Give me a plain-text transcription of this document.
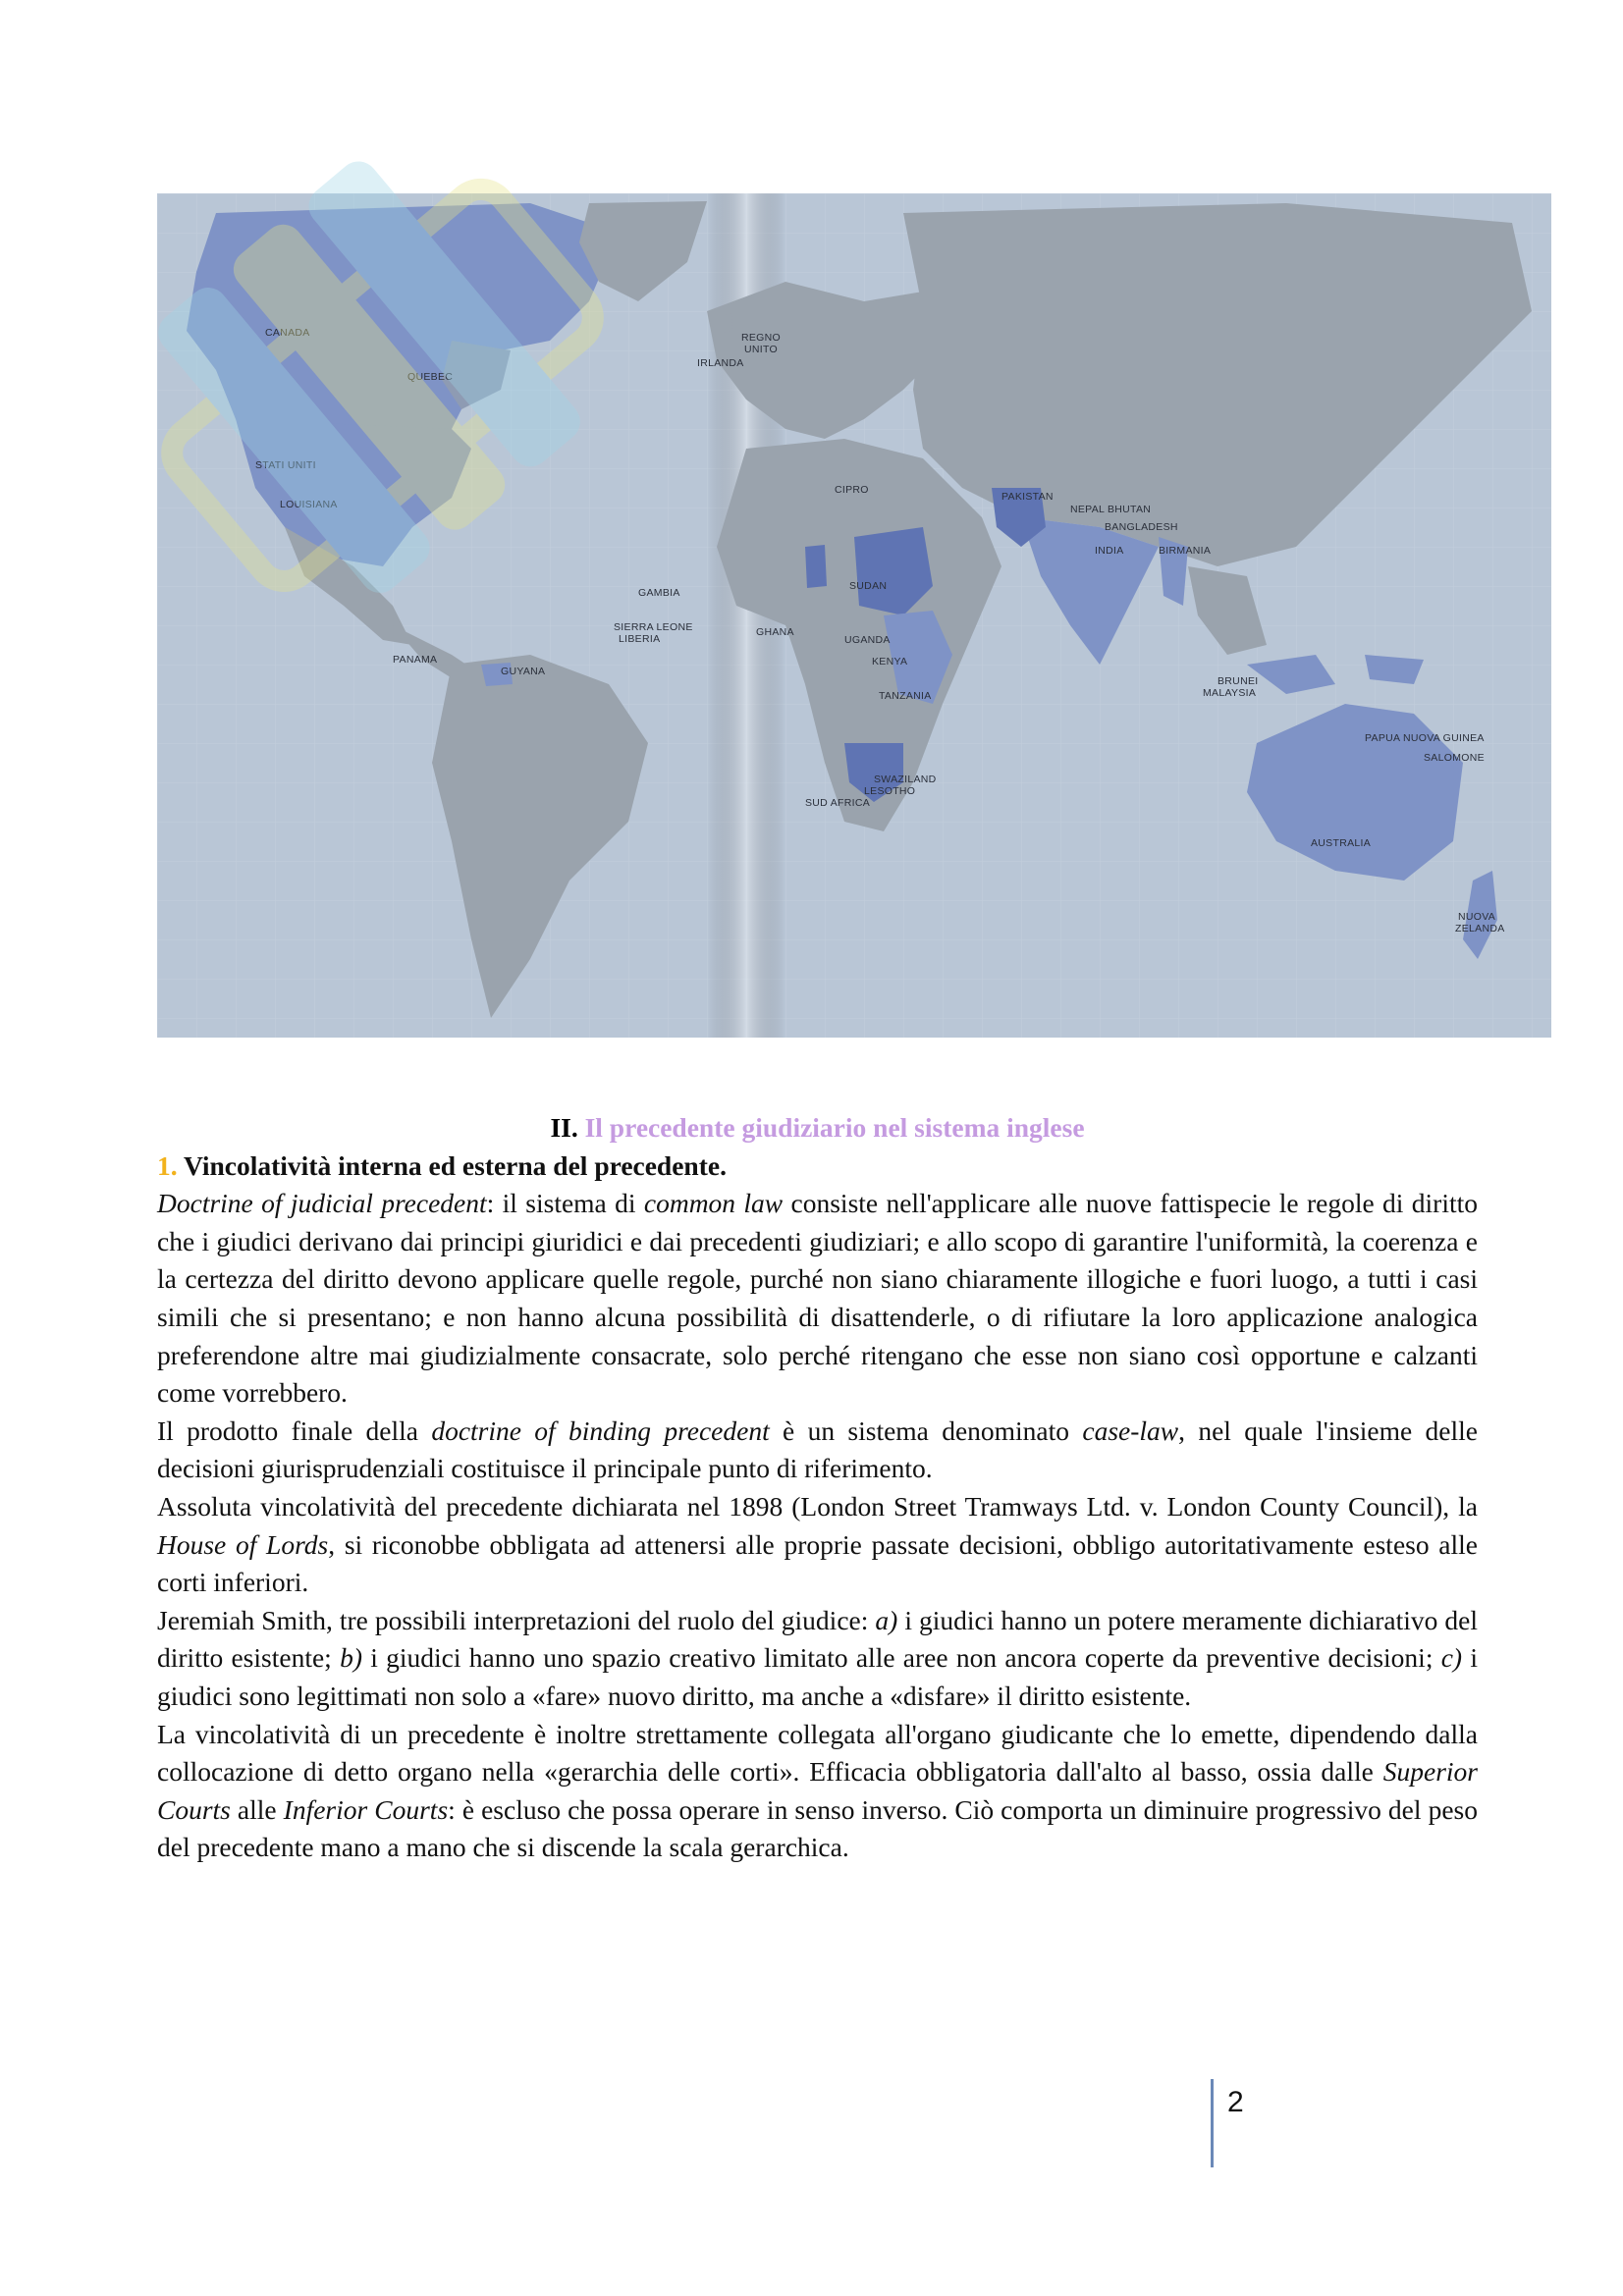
CANADA
QUEBEC
STATI UNITI
LOUISIANA
PANAMA
GUYANA
REGNO
UNITO
IRLANDA
GAMBIA
SIERRA LEONE
LIBERIA
GHANA
CIPRO
SUDAN
UGANDA
KENYA
TANZANIA
SWAZILAND
LESOTHO
SUD AFRICA
PAKISTAN
NEPAL BHUTAN
BANGLADESH
INDIA	BIRMANIA
BRUNEI
MALAYSIA
PAPUA NUOVA GUINEA
SALOMONE
AUSTRALIA
NUOVA
ZELANDA

II. Il precedente giudiziario nel sistema inglese

1. Vincolatività interna ed esterna del precedente.

Doctrine of judicial precedent: il sistema di common law consiste nell'applicare alle nuove fattispecie le regole di diritto che i giudici derivano dai principi giuridici e dai precedenti giudiziari; e allo scopo di garantire l'uniformità, la coerenza e la certezza del diritto devono applicare quelle regole, purché non siano chiaramente illogiche e fuori luogo, a tutti i casi simili che si presentano; e non hanno alcuna possibilità di disattenderle, o di rifiutare la loro applicazione analogica preferendone altre mai giudizialmente consacrate, solo perché ritengano che esse non siano così opportune e calzanti come vorrebbero.

Il prodotto finale della doctrine of binding precedent è un sistema denominato case-law, nel quale l'insieme delle decisioni giurisprudenziali costituisce il principale punto di riferimento.

Assoluta vincolatività del precedente dichiarata nel 1898 (London Street Tramways Ltd. v. London County Council), la House of Lords, si riconobbe obbligata ad attenersi alle proprie passate decisioni, obbligo autoritativamente esteso alle corti inferiori.

Jeremiah Smith, tre possibili interpretazioni del ruolo del giudice: a) i giudici hanno un potere meramente dichiarativo del diritto esistente; b) i giudici hanno uno spazio creativo limitato alle aree non ancora coperte da preventive decisioni; c) i giudici sono legittimati non solo a «fare» nuovo diritto, ma anche a «disfare» il diritto esistente.

La vincolatività di un precedente è inoltre strettamente collegata all'organo giudicante che lo emette, dipendendo dalla collocazione di detto organo nella «gerarchia delle corti». Efficacia obbligatoria dall'alto al basso, ossia dalle Superior Courts alle Inferior Courts: è escluso che possa operare in senso inverso. Ciò comporta un diminuire progressivo del peso del precedente mano a mano che si discende la scala gerarchica.

2
